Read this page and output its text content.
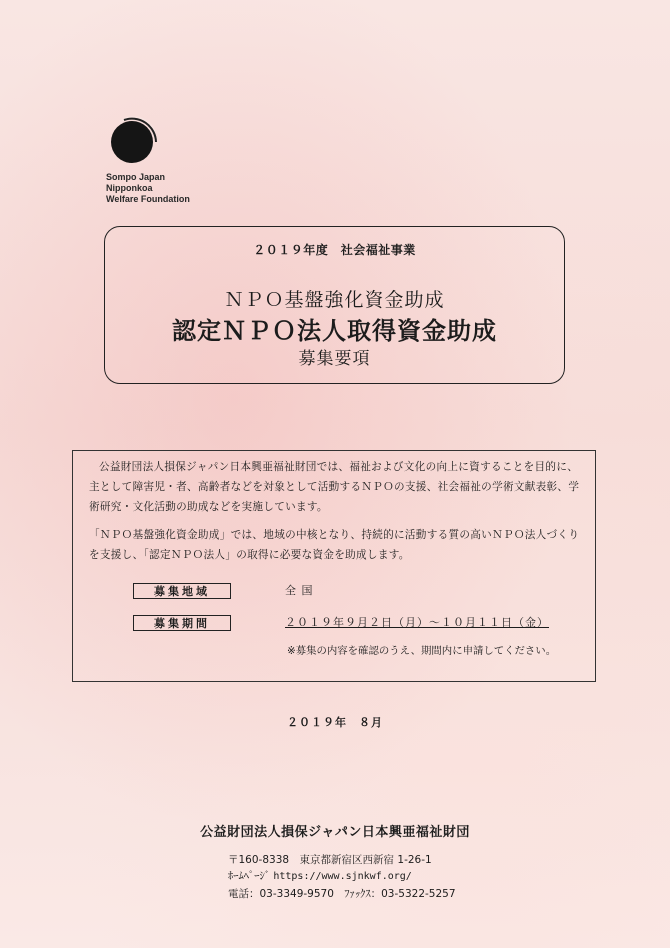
Sompo Japan
Nipponkoa
Welfare Foundation
２０１９年度　社会福祉事業
ＮＰＯ基盤強化資金助成
認定ＮＰＯ法人取得資金助成
募集要項
公益財団法人損保ジャパン日本興亜福祉財団では、福祉および文化の向上に資することを目的に、主として障害児・者、高齢者などを対象として活動するＮＰＯの支援、社会福祉の学術文献表彰、学術研究・文化活動の助成などを実施しています。
「ＮＰＯ基盤強化資金助成」では、地域の中核となり、持続的に活動する質の高いＮＰＯ法人づくりを支援し、「認定ＮＰＯ法人」の取得に必要な資金を助成します。
募集地域	全 国
募集期間	２０１９年９月２日（月）～１０月１１日（金）
※募集の内容を確認のうえ、期間内に申請してください。
２０１９年　８月
公益財団法人損保ジャパン日本興亜福祉財団
〒160-8338　東京都新宿区西新宿 1-26-1
ﾎｰﾑﾍﾟｰｼﾞ https://www.sjnkwf.org/
電話：03-3349-9570　ﾌｧｯｸｽ：03-5322-5257
